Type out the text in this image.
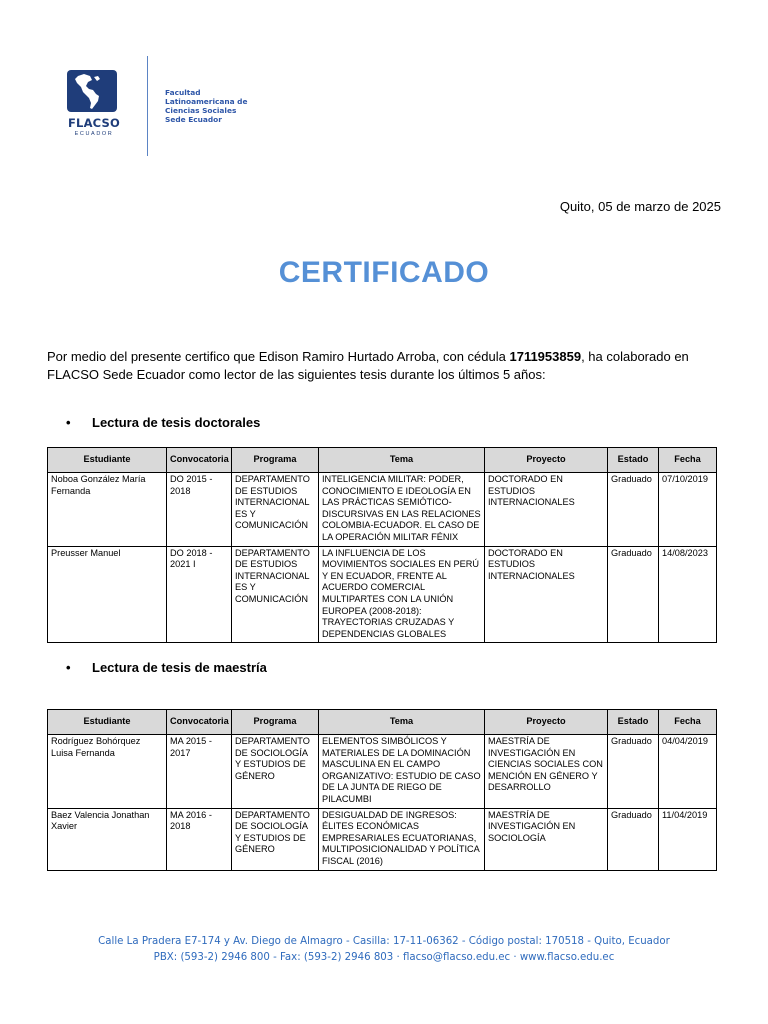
FLACSO
ECUADOR
Facultad
Latinoamericana de
Ciencias Sociales
Sede Ecuador
Quito, 05 de marzo de 2025
CERTIFICADO

Por medio del presente certifico que Edison Ramiro Hurtado Arroba, con cédula 1711953859, ha colaborado en FLACSO Sede Ecuador como lector de las siguientes tesis durante los últimos 5 años:

• Lectura de tesis doctorales
Estudiante	Convocatoria	Programa	Tema	Proyecto	Estado	Fecha
Noboa González María Fernanda	DO 2015 - 2018	DEPARTAMENTO DE ESTUDIOS INTERNACIONALES Y COMUNICACIÓN	INTELIGENCIA MILITAR: PODER, CONOCIMIENTO E IDEOLOGÍA EN LAS PRÁCTICAS SEMIÓTICO-DISCURSIVAS EN LAS RELACIONES COLOMBIA-ECUADOR. EL CASO DE LA OPERACIÓN MILITAR FÉNIX	DOCTORADO EN ESTUDIOS INTERNACIONALES	Graduado	07/10/2019
Preusser Manuel	DO 2018 - 2021 I	DEPARTAMENTO DE ESTUDIOS INTERNACIONALES Y COMUNICACIÓN	LA INFLUENCIA DE LOS MOVIMIENTOS SOCIALES EN PERÚ Y EN ECUADOR, FRENTE AL ACUERDO COMERCIAL MULTIPARTES CON LA UNIÓN EUROPEA (2008-2018): TRAYECTORIAS CRUZADAS Y DEPENDENCIAS GLOBALES	DOCTORADO EN ESTUDIOS INTERNACIONALES	Graduado	14/08/2023
• Lectura de tesis de maestría
Estudiante	Convocatoria	Programa	Tema	Proyecto	Estado	Fecha
Rodríguez Bohórquez Luisa Fernanda	MA 2015 - 2017	DEPARTAMENTO DE SOCIOLOGÍA Y ESTUDIOS DE GÉNERO	ELEMENTOS SIMBÓLICOS Y MATERIALES DE LA DOMINACIÓN MASCULINA EN EL CAMPO ORGANIZATIVO: ESTUDIO DE CASO DE LA JUNTA DE RIEGO DE PILACUMBI	MAESTRÍA DE INVESTIGACIÓN EN CIENCIAS SOCIALES CON MENCIÓN EN GÉNERO Y DESARROLLO	Graduado	04/04/2019
Baez Valencia Jonathan Xavier	MA 2016 - 2018	DEPARTAMENTO DE SOCIOLOGÍA Y ESTUDIOS DE GÉNERO	DESIGUALDAD DE INGRESOS: ÉLITES ECONÓMICAS EMPRESARIALES ECUATORIANAS, MULTIPOSICIONALIDAD Y POLÍTICA FISCAL (2016)	MAESTRÍA DE INVESTIGACIÓN EN SOCIOLOGÍA	Graduado	11/04/2019
Calle La Pradera E7-174 y Av. Diego de Almagro - Casilla: 17-11-06362 - Código postal: 170518 - Quito, Ecuador
PBX: (593-2) 2946 800 - Fax: (593-2) 2946 803 · flacso@flacso.edu.ec · www.flacso.edu.ec
